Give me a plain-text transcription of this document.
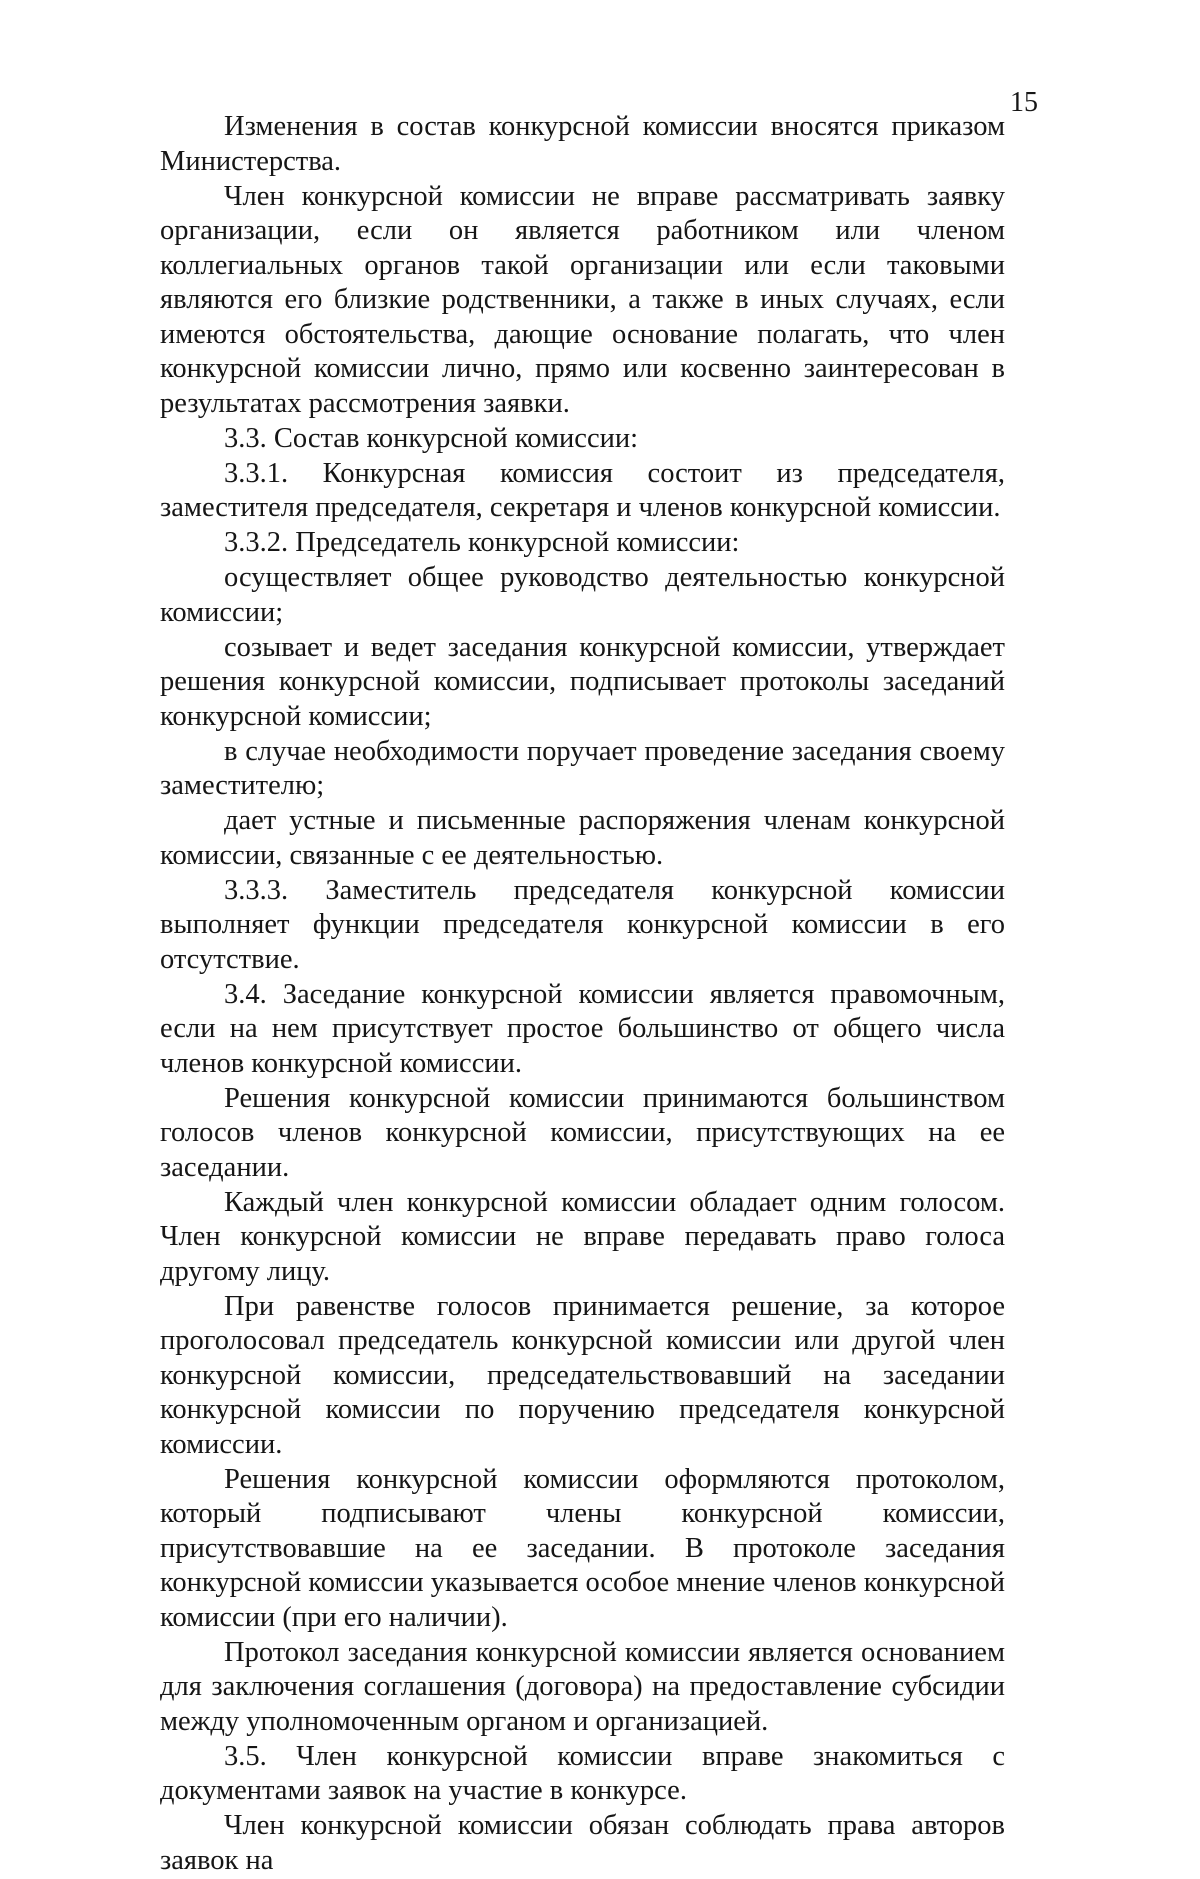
15

Изменения в состав конкурсной комиссии вносятся приказом Министерства.

Член конкурсной комиссии не вправе рассматривать заявку организации, если он является работником или членом коллегиальных органов такой организации или если таковыми являются его близкие родственники, а также в иных случаях, если имеются обстоятельства, дающие основание полагать, что член конкурсной комиссии лично, прямо или косвенно заинтересован в результатах рассмотрения заявки.

3.3. Состав конкурсной комиссии:

3.3.1. Конкурсная комиссия состоит из председателя, заместителя председателя, секретаря и членов конкурсной комиссии.

3.3.2. Председатель конкурсной комиссии:

осуществляет общее руководство деятельностью конкурсной комиссии;

созывает и ведет заседания конкурсной комиссии, утверждает решения конкурсной комиссии, подписывает протоколы заседаний конкурсной комиссии;

в случае необходимости поручает проведение заседания своему заместителю;

дает устные и письменные распоряжения членам конкурсной комиссии, связанные с ее деятельностью.

3.3.3. Заместитель председателя конкурсной комиссии выполняет функции председателя конкурсной комиссии в его отсутствие.

3.4. Заседание конкурсной комиссии является правомочным, если на нем присутствует простое большинство от общего числа членов конкурсной комиссии.

Решения конкурсной комиссии принимаются большинством голосов членов конкурсной комиссии, присутствующих на ее заседании.

Каждый член конкурсной комиссии обладает одним голосом. Член конкурсной комиссии не вправе передавать право голоса другому лицу.

При равенстве голосов принимается решение, за которое проголосовал председатель конкурсной комиссии или другой член конкурсной комиссии, председательствовавший на заседании конкурсной комиссии по поручению председателя конкурсной комиссии.

Решения конкурсной комиссии оформляются протоколом, который подписывают члены конкурсной комиссии, присутствовавшие на ее заседании. В протоколе заседания конкурсной комиссии указывается особое мнение членов конкурсной комиссии (при его наличии).

Протокол заседания конкурсной комиссии является основанием для заключения соглашения (договора) на предоставление субсидии между уполномоченным органом и организацией.

3.5. Член конкурсной комиссии вправе знакомиться с документами заявок на участие в конкурсе.

Член конкурсной комиссии обязан соблюдать права авторов заявок на
